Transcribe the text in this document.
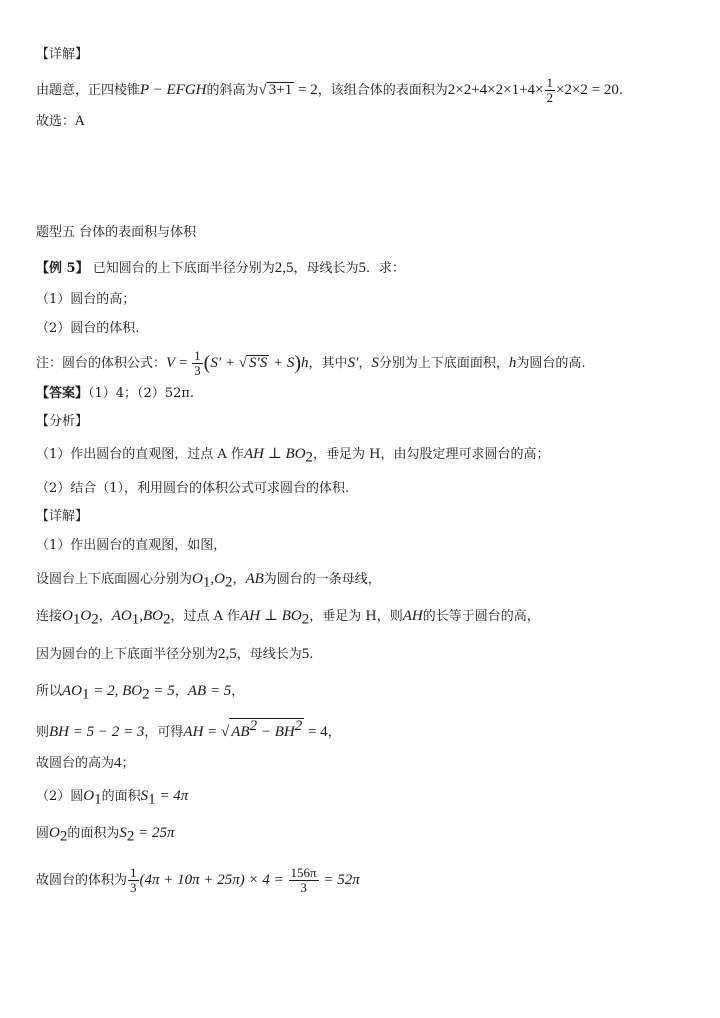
【详解】
由题意，正四棱锥P − EFGH的斜高为√ 3+1 = 2，该组合体的表面积为$2\times 2+4\times 2\times 1+4\times \frac{1}{2} \times 2\times 2 = 20$.
故选：A
题型五 台体的表面积与体积
【例 5】 已知圆台的上下底面半径分别为2,5，母线长为5．求：
（1）圆台的高；
（2）圆台的体积.
注：圆台的体积公式：$V = \frac{1}{3} (S'$ + √ S′S + S)h，其中S′，S分别为上下底面面积，h为圆台的高.
【答案】（1）4；（2）52π.
【分析】
（1）作出圆台的直观图，过点 A 作AH ⊥ $BO_2$，垂足为 H，由勾股定理可求圆台的高；
（2）结合（1），利用圆台的体积公式可求圆台的体积.
【详解】
（1）作出圆台的直观图，如图，
设圆台上下底面圆心分别为$O_1,O_2$，AB为圆台的一条母线，
连接$O_1O_2$，$AO_1,BO_2$，过点 A 作AH ⊥ $BO_2$，垂足为 H，则AH的长等于圆台的高，
因为圆台的上下底面半径分别为2,5，母线长为5.
所以$AO_1 = 2$, $BO_2 = 5$，AB = 5，
则BH = 5 − 2 = 3，可得AH = √ $AB^2 - BH^2 = 4$，
故圆台的高为4；
（2）圆$O_1$的面积$S_1 = 4\pi$
圆$O_2$的面积为$S_2 = 25\pi$
故圆台的体积为 $\frac{1}{3} (4\pi + 10\pi + 25\pi) \times 4 = \frac{156\pi}{3} = 52\pi$
